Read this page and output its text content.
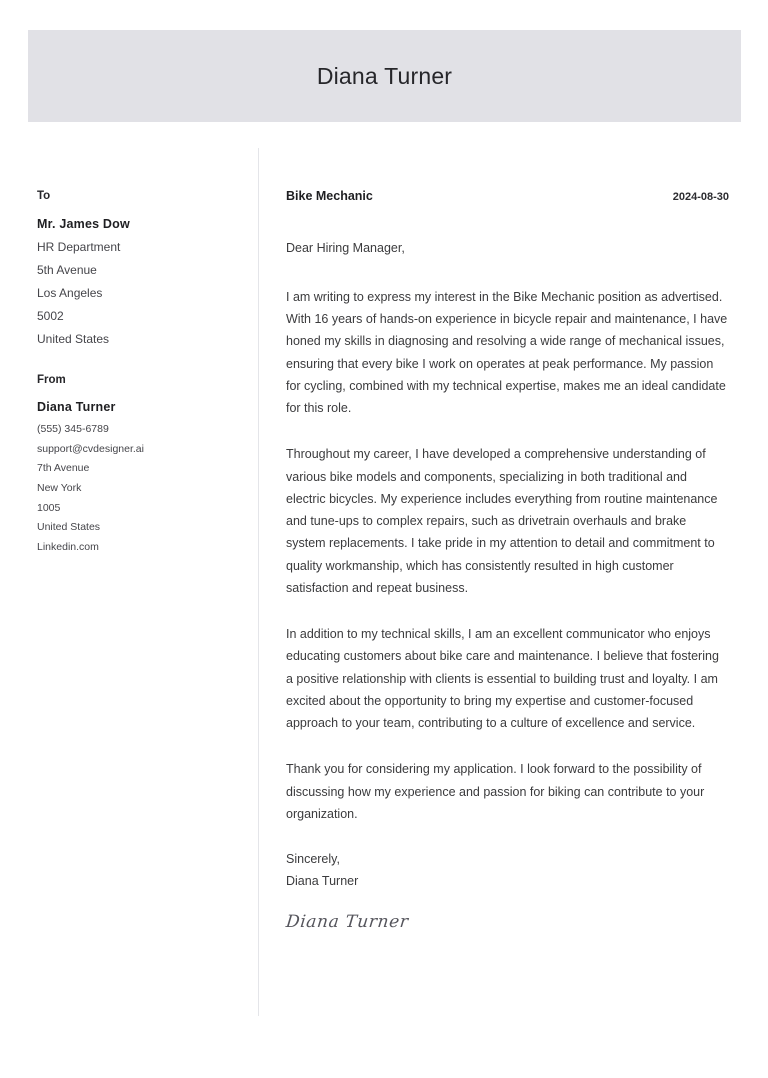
Diana Turner
To
Mr. James Dow
HR Department
5th Avenue
Los Angeles
5002
United States
From
Diana Turner
(555) 345-6789
support@cvdesigner.ai
7th Avenue
New York
1005
United States
Linkedin.com
Bike Mechanic	2024-08-30

Dear Hiring Manager,

I am writing to express my interest in the Bike Mechanic position as advertised. With 16 years of hands-on experience in bicycle repair and maintenance, I have honed my skills in diagnosing and resolving a wide range of mechanical issues, ensuring that every bike I work on operates at peak performance. My passion for cycling, combined with my technical expertise, makes me an ideal candidate for this role.

Throughout my career, I have developed a comprehensive understanding of various bike models and components, specializing in both traditional and electric bicycles. My experience includes everything from routine maintenance and tune-ups to complex repairs, such as drivetrain overhauls and brake system replacements. I take pride in my attention to detail and commitment to quality workmanship, which has consistently resulted in high customer satisfaction and repeat business.

In addition to my technical skills, I am an excellent communicator who enjoys educating customers about bike care and maintenance. I believe that fostering a positive relationship with clients is essential to building trust and loyalty. I am excited about the opportunity to bring my expertise and customer-focused approach to your team, contributing to a culture of excellence and service.

Thank you for considering my application. I look forward to the possibility of discussing how my experience and passion for biking can contribute to your organization.

Sincerely,

Diana Turner

Diana Turner
